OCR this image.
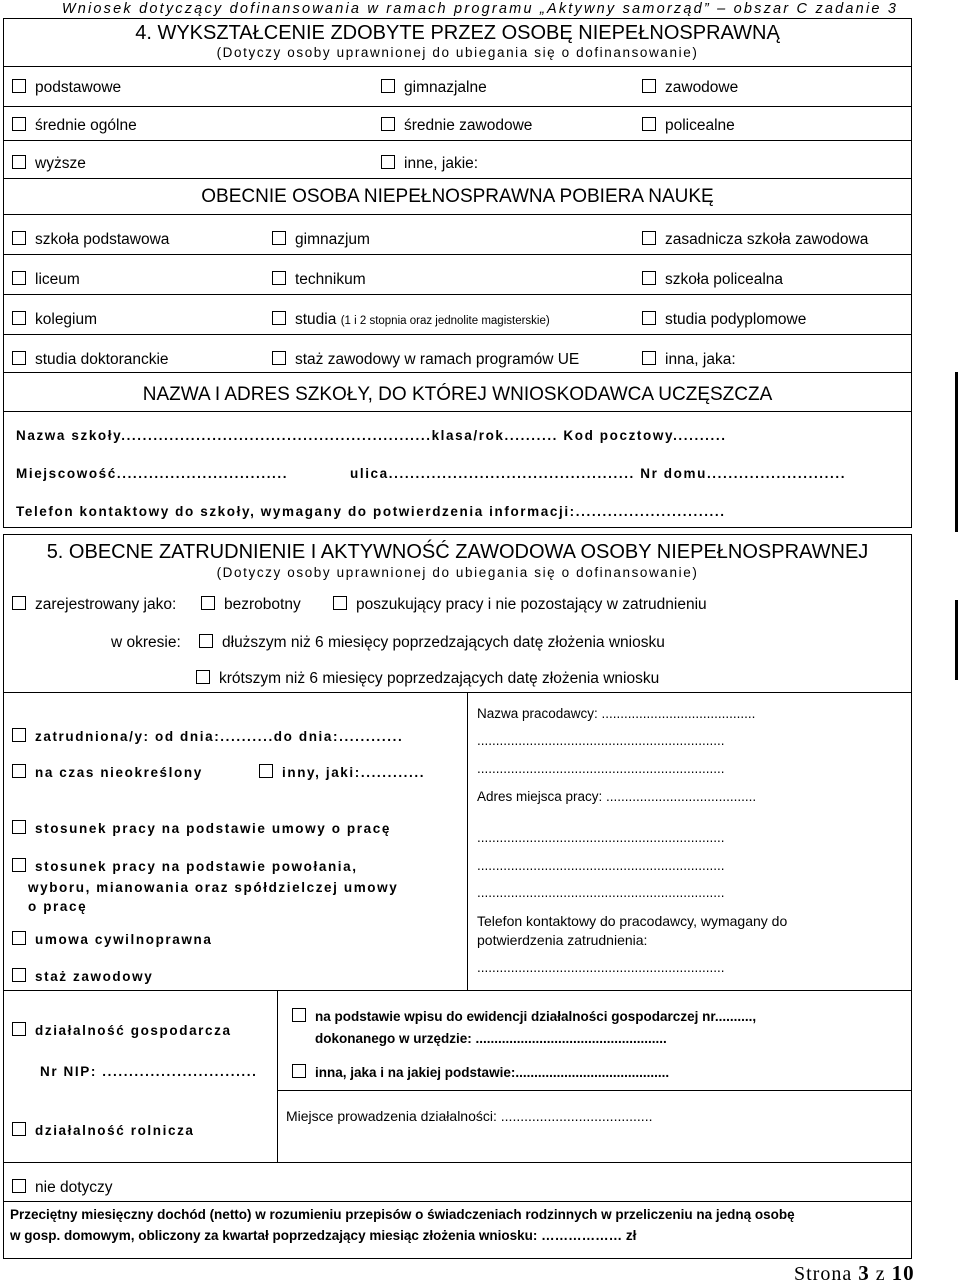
Wniosek dotyczący dofinansowania w ramach programu „Aktywny samorząd” – obszar C zadanie 3
4. WYKSZTAŁCENIE ZDOBYTE PRZEZ OSOBĘ NIEPEŁNOSPRAWNĄ
(Dotyczy osoby uprawnionej do ubiegania się o dofinansowanie)
podstawowe	gimnazjalne	zawodowe
średnie ogólne	średnie zawodowe	policealne
wyższe	inne, jakie:
OBECNIE OSOBA NIEPEŁNOSPRAWNA POBIERA NAUKĘ
szkoła podstawowa	gimnazjum	zasadnicza szkoła zawodowa
liceum	technikum	szkoła policealna
kolegium	studia (1 i 2 stopnia oraz jednolite magisterskie)	studia podyplomowe
studia doktoranckie	staż zawodowy w ramach programów UE	inna, jaka:
NAZWA I ADRES SZKOŁY, DO KTÓREJ WNIOSKODAWCA UCZĘSZCZA
Nazwa szkoły..........................................................klasa/rok.......... Kod pocztowy..........
Miejscowość................................	ulica.............................................. Nr domu..........................
Telefon kontaktowy do szkoły, wymagany do potwierdzenia informacji:............................
5. OBECNE ZATRUDNIENIE I AKTYWNOŚĆ ZAWODOWA OSOBY NIEPEŁNOSPRAWNEJ
(Dotyczy osoby uprawnionej do ubiegania się o dofinansowanie)
zarejestrowany jako:	bezrobotny	poszukujący pracy i nie pozostający w zatrudnieniu
w okresie:	dłuższym niż 6 miesięcy poprzedzających datę złożenia wniosku
krótszym niż 6 miesięcy poprzedzających datę złożenia wniosku
zatrudniona/y: od dnia:..........do dnia:............
na czas nieokreślony	inny, jaki:............
stosunek pracy na podstawie umowy o pracę
stosunek pracy na podstawie powołania,
wyboru, mianowania oraz spółdzielczej umowy
o pracę
umowa cywilnoprawna
staż zawodowy
Nazwa pracodawcy: .........................................
..................................................................
..................................................................
Adres miejsca pracy: ........................................
..................................................................
..................................................................
..................................................................
Telefon kontaktowy do pracodawcy, wymagany do
potwierdzenia zatrudnienia:
..................................................................
działalność gospodarcza
Nr NIP: .............................
na podstawie wpisu do ewidencji działalności gospodarczej nr..........,
dokonanego w urzędzie: ...................................................
inna, jaka i na jakiej podstawie:.........................................
działalność rolnicza
Miejsce prowadzenia działalności: .......................................
nie dotyczy
Przeciętny miesięczny dochód (netto) w rozumieniu przepisów o świadczeniach rodzinnych w przeliczeniu na jedną osobę
w gosp. domowym, obliczony za kwartał poprzedzający miesiąc złożenia wniosku: ……………… zł
Strona 3 z 10
